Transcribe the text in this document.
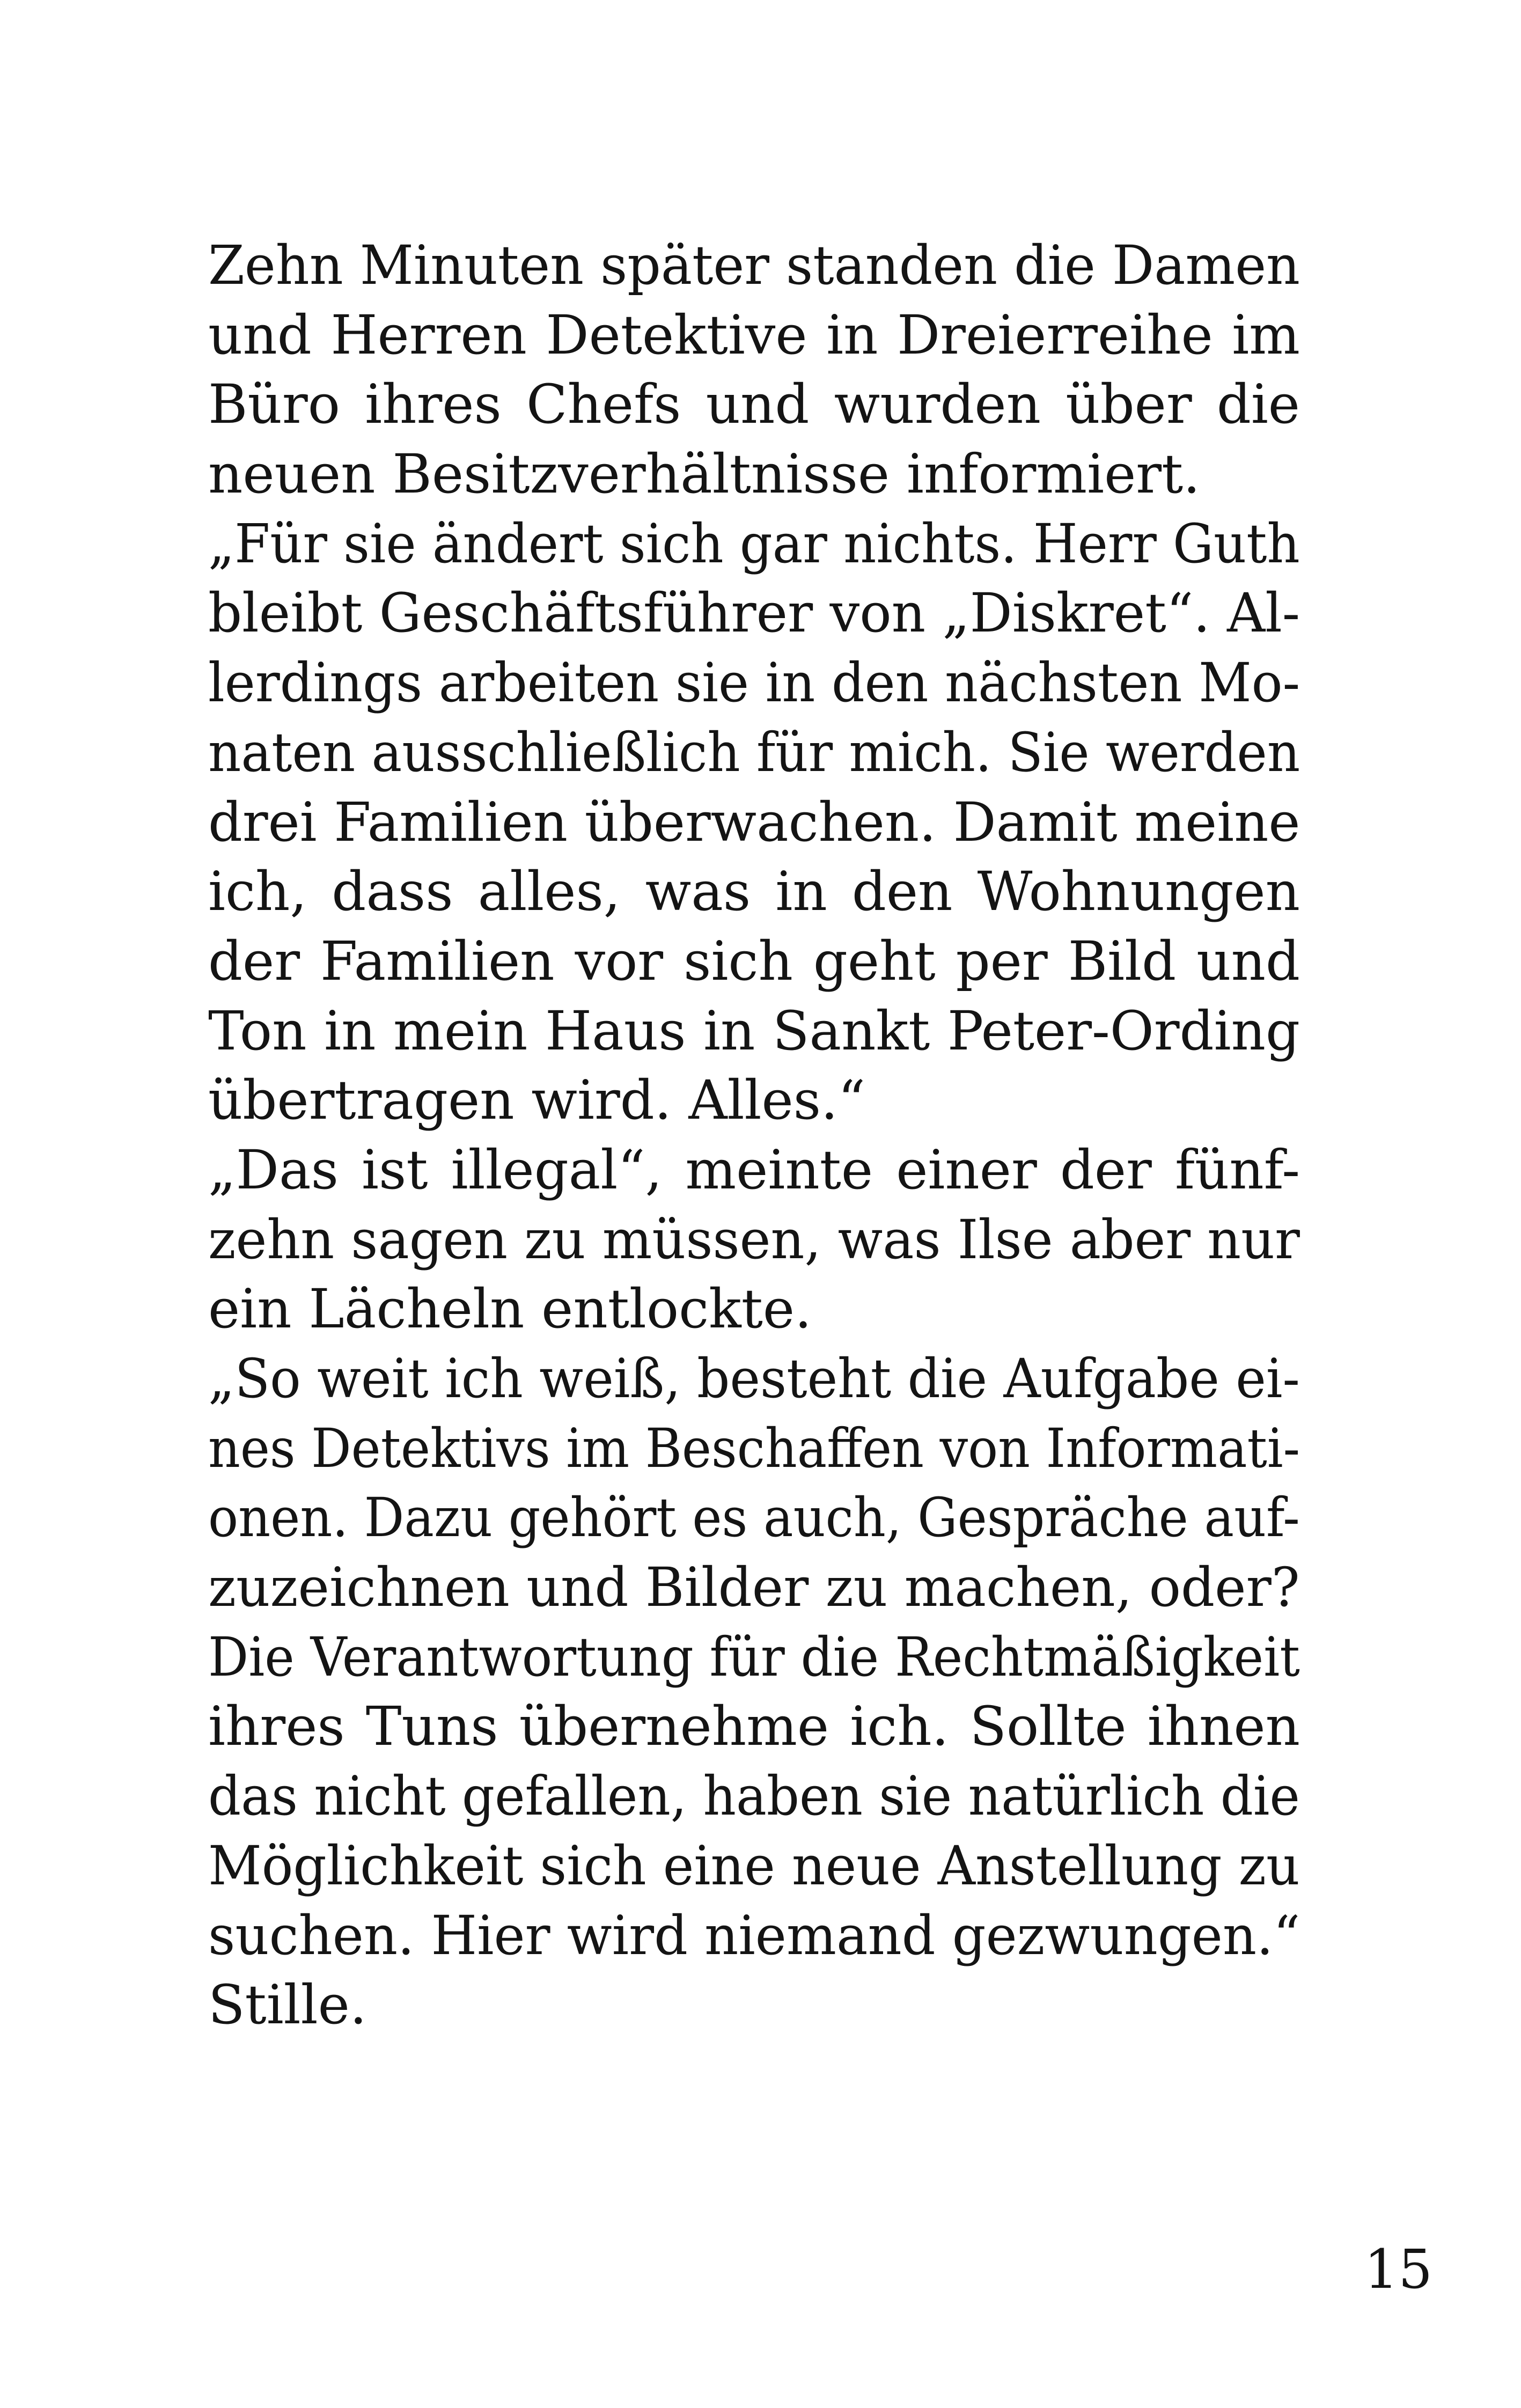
Zehn Minuten später standen die Damen
und Herren Detektive in Dreierreihe im
Büro ihres Chefs und wurden über die
neuen Besitzverhältnisse informiert.
„Für sie ändert sich gar nichts. Herr Guth
bleibt Geschäftsführer von „Diskret“. Al-
lerdings arbeiten sie in den nächsten Mo-
naten ausschließlich für mich. Sie werden
drei Familien überwachen. Damit meine
ich, dass alles, was in den Wohnungen
der Familien vor sich geht per Bild und
Ton in mein Haus in Sankt Peter-Ording
übertragen wird. Alles.“
„Das ist illegal“, meinte einer der fünf-
zehn sagen zu müssen, was Ilse aber nur
ein Lächeln entlockte.
„So weit ich weiß, besteht die Aufgabe ei-
nes Detektivs im Beschaffen von Informati-
onen. Dazu gehört es auch, Gespräche auf-
zuzeichnen und Bilder zu machen, oder?
Die Verantwortung für die Rechtmäßigkeit
ihres Tuns übernehme ich. Sollte ihnen
das nicht gefallen, haben sie natürlich die
Möglichkeit sich eine neue Anstellung zu
suchen. Hier wird niemand gezwungen.“
Stille.
15
